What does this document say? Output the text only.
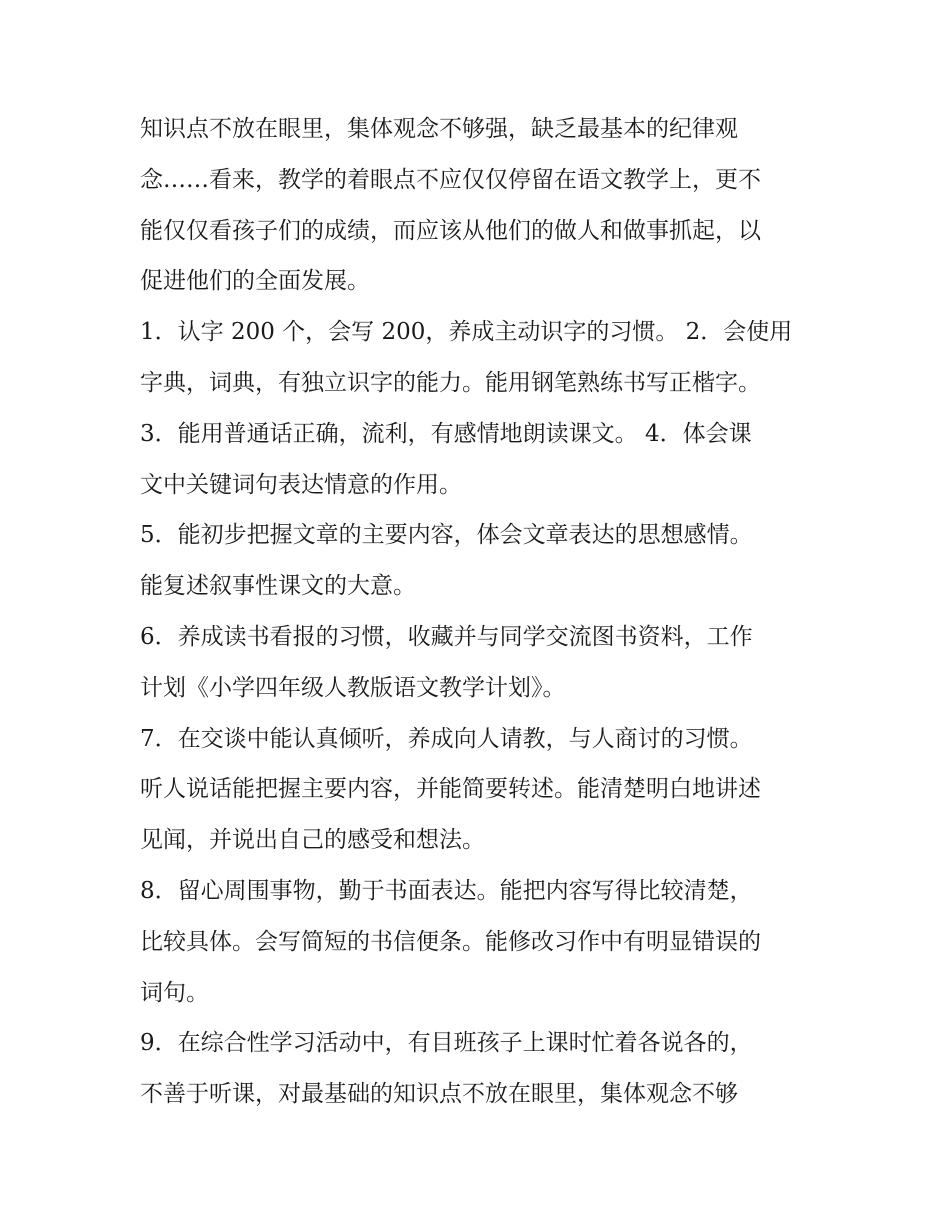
知识点不放在眼里，集体观念不够强，缺乏最基本的纪律观
念……看来，教学的着眼点不应仅仅停留在语文教学上，更不
能仅仅看孩子们的成绩，而应该从他们的做人和做事抓起，以
促进他们的全面发展。
1．认字 200 个，会写 200，养成主动识字的习惯。 2．会使用
字典，词典，有独立识字的能力。能用钢笔熟练书写正楷字。
3．能用普通话正确，流利，有感情地朗读课文。 4．体会课
文中关键词句表达情意的作用。
5．能初步把握文章的主要内容，体会文章表达的思想感情。
能复述叙事性课文的大意。
6．养成读书看报的习惯，收藏并与同学交流图书资料，工作
计划《小学四年级人教版语文教学计划》。
7．在交谈中能认真倾听，养成向人请教，与人商讨的习惯。
听人说话能把握主要内容，并能简要转述。能清楚明白地讲述
见闻，并说出自己的感受和想法。
8．留心周围事物，勤于书面表达。能把内容写得比较清楚，
比较具体。会写简短的书信便条。能修改习作中有明显错误的
词句。
9．在综合性学习活动中，有目班孩子上课时忙着各说各的，
不善于听课，对最基础的知识点不放在眼里，集体观念不够
